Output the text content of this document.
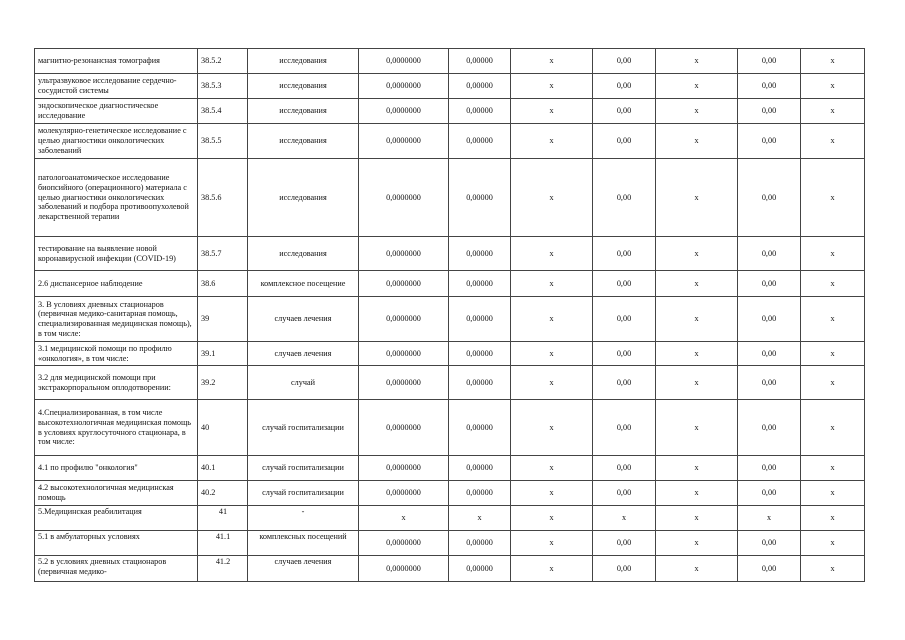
магнитно-резонансная томография	38.5.2	исследования	0,0000000	0,00000	х	0,00	х	0,00	х
ультразвуковое исследование сердечно-сосудистой системы	38.5.3	исследования	0,0000000	0,00000	х	0,00	х	0,00	х
эндоскопическое диагностическое исследование	38.5.4	исследования	0,0000000	0,00000	х	0,00	х	0,00	х
молекулярно-генетическое исследование с целью диагностики онкологических заболеваний	38.5.5	исследования	0,0000000	0,00000	х	0,00	х	0,00	х
патологоанатомическое исследование биопсийного (операционного) материала с целью диагностики онкологических заболеваний и подбора противоопухолевой лекарственной терапии	38.5.6	исследования	0,0000000	0,00000	х	0,00	х	0,00	х
тестирование на выявление новой коронавирусной инфекции (COVID-19)	38.5.7	исследования	0,0000000	0,00000	х	0,00	х	0,00	х
2.6 диспансерное наблюдение	38.6	комплексное посещение	0,0000000	0,00000	х	0,00	х	0,00	х
3. В условиях дневных стационаров (первичная медико-санитарная помощь, специализированная медицинская помощь), в том числе:	39	случаев лечения	0,0000000	0,00000	х	0,00	х	0,00	х
3.1 медицинской помощи по профилю «онкология», в том числе:	39.1	случаев лечения	0,0000000	0,00000	х	0,00	х	0,00	х
3.2 для медицинской помощи при экстракорпоральном оплодотворении:	39.2	случай	0,0000000	0,00000	х	0,00	х	0,00	х
4.Специализированная, в том числе высокотехнологичная медицинская помощь в условиях круглосуточного стационара, в том числе:	40	случай госпитализации	0,0000000	0,00000	х	0,00	х	0,00	х
4.1 по профилю "онкология"	40.1	случай госпитализации	0,0000000	0,00000	х	0,00	х	0,00	х
4.2 высокотехнологичная медицинская помощь	40.2	случай госпитализации	0,0000000	0,00000	х	0,00	х	0,00	х
5.Медицинская реабилитация	41	-	х	х	х	х	х	х	х
5.1 в амбулаторных условиях	41.1	комплексных посещений	0,0000000	0,00000	х	0,00	х	0,00	х
5.2 в условиях дневных стационаров (первичная медико-	41.2	случаев лечения	0,0000000	0,00000	х	0,00	х	0,00	х
